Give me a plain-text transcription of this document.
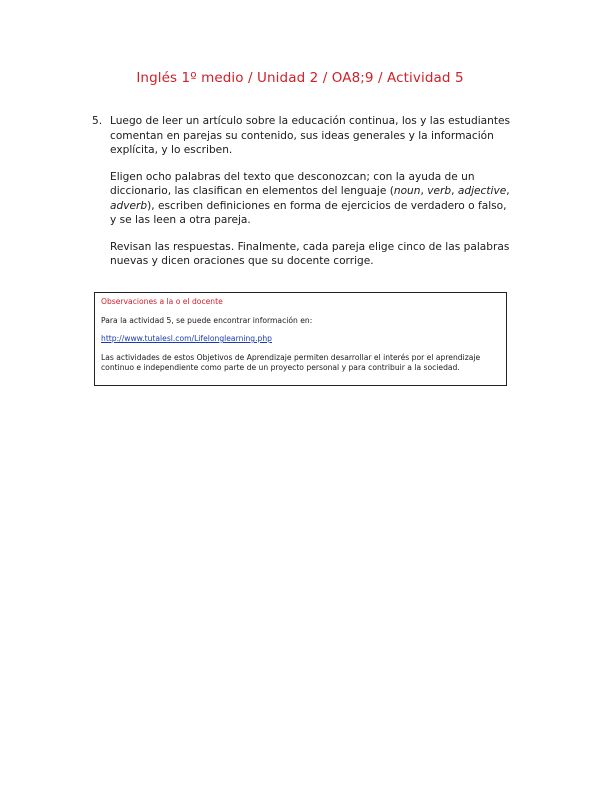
Inglés 1º medio / Unidad 2 / OA8;9 / Actividad 5
5. Luego de leer un artículo sobre la educación continua, los y las estudiantes comentan en parejas su contenido, sus ideas generales y la información explícita, y lo escriben.

Eligen ocho palabras del texto que desconozcan; con la ayuda de un diccionario, las clasifican en elementos del lenguaje (noun, verb, adjective, adverb), escriben definiciones en forma de ejercicios de verdadero o falso, y se las leen a otra pareja.

Revisan las respuestas. Finalmente, cada pareja elige cinco de las palabras nuevas y dicen oraciones que su docente corrige.

Observaciones a la o el docente
Para la actividad 5, se puede encontrar información en:
http://www.tutalesl.com/Lifelonglearning.php
Las actividades de estos Objetivos de Aprendizaje permiten desarrollar el interés por el aprendizaje continuo e independiente como parte de un proyecto personal y para contribuir a la sociedad.
